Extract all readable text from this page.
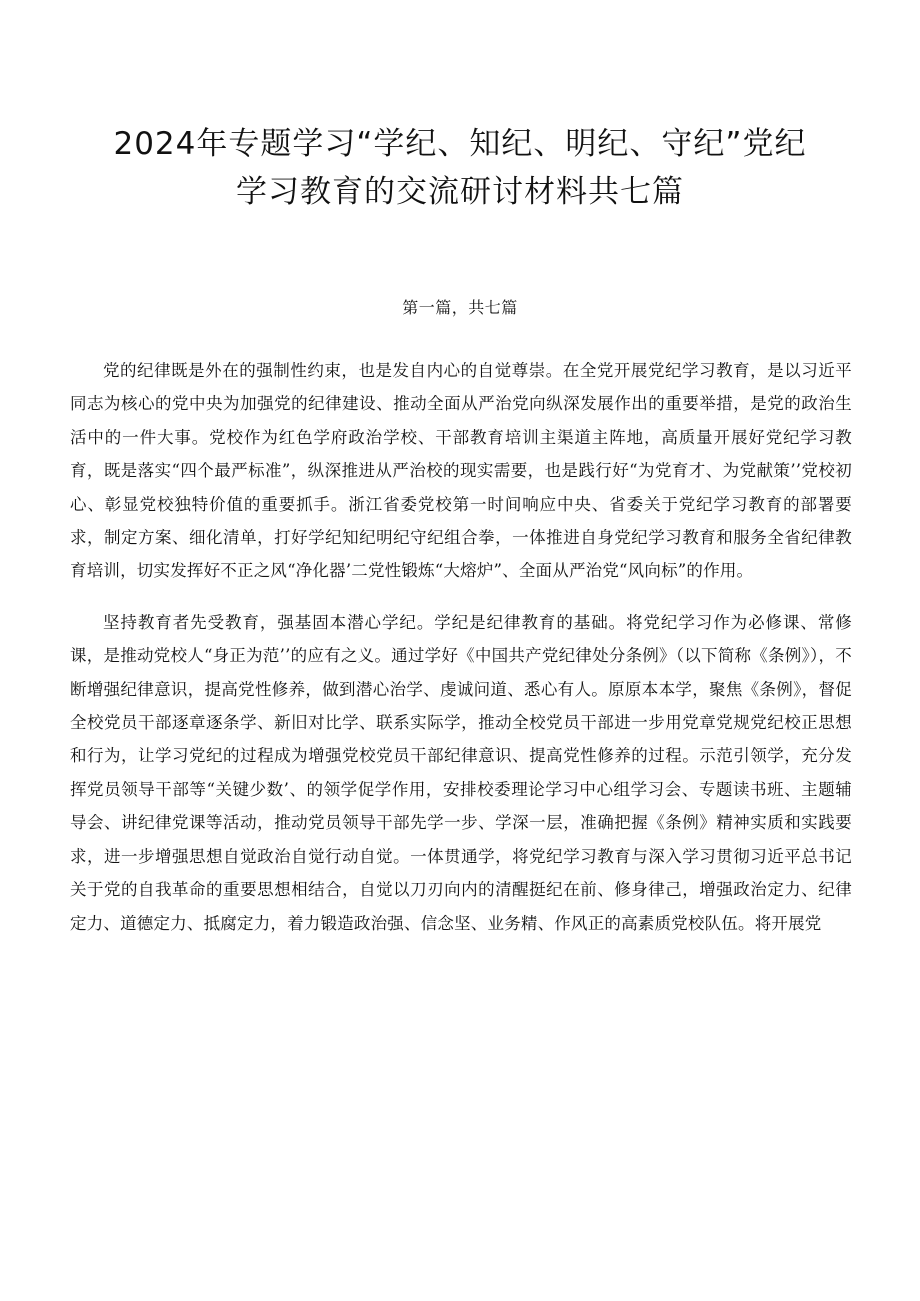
2024年专题学习“学纪、知纪、明纪、守纪”党纪
学习教育的交流研讨材料共七篇
第一篇，共七篇

党的纪律既是外在的强制性约束，也是发自内心的自觉尊崇。在全党开展党纪学习教育，是以习近平同志为核心的党中央为加强党的纪律建设、推动全面从严治党向纵深发展作出的重要举措，是党的政治生活中的一件大事。党校作为红色学府政治学校、干部教育培训主渠道主阵地，高质量开展好党纪学习教育，既是落实“四个最严标准”，纵深推进从严治校的现实需要，也是践行好“为党育才、为党献策’’党校初心、彰显党校独特价值的重要抓手。浙江省委党校第一时间响应中央、省委关于党纪学习教育的部署要求，制定方案、细化清单，打好学纪知纪明纪守纪组合拳，一体推进自身党纪学习教育和服务全省纪律教育培训，切实发挥好不正之风“净化器’二党性锻炼“大熔炉”、全面从严治党“风向标”的作用。

坚持教育者先受教育，强基固本潜心学纪。学纪是纪律教育的基础。将党纪学习作为必修课、常修课，是推动党校人“身正为范’’的应有之义。通过学好《中国共产党纪律处分条例》（以下简称《条例》），不断增强纪律意识，提高党性修养，做到潜心治学、虔诚问道、悉心有人。原原本本学，聚焦《条例》，督促全校党员干部逐章逐条学、新旧对比学、联系实际学，推动全校党员干部进一步用党章党规党纪校正思想和行为，让学习党纪的过程成为增强党校党员干部纪律意识、提高党性修养的过程。示范引领学，充分发挥党员领导干部等“关键少数’、的领学促学作用，安排校委理论学习中心组学习会、专题读书班、主题辅导会、讲纪律党课等活动，推动党员领导干部先学一步、学深一层，准确把握《条例》精神实质和实践要求，进一步增强思想自觉政治自觉行动自觉。一体贯通学，将党纪学习教育与深入学习贯彻习近平总书记关于党的自我革命的重要思想相结合，自觉以刀刃向内的清醒挺纪在前、修身律己，增强政治定力、纪律定力、道德定力、抵腐定力，着力锻造政治强、信念坚、业务精、作风正的高素质党校队伍。将开展党
